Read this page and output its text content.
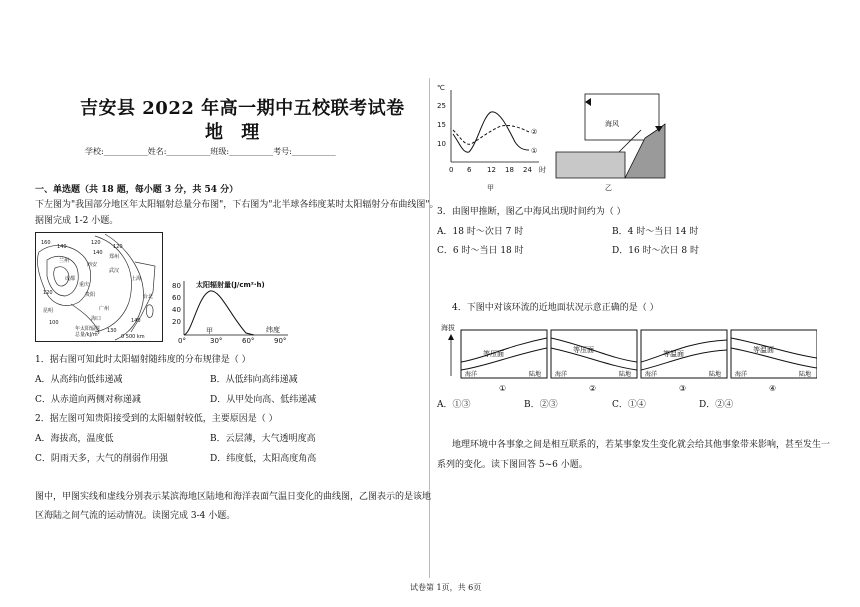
吉安县 2022 年高一期中五校联考试卷
地 理
学校:___________姓名:___________班级:___________考号:___________
一、单选题（共 18 题，每小题 3 分，共 54 分）
下左图为"我国部分地区年太阳辐射总量分布图"，下右图为"北半球各纬度某时太阳辐射分布曲线图"。
据图完成 1-2 小题。
160
140
120
120
郑州
140
兰州
西安
武汉
上海
成都
重庆
贵阳	台北
昆明	广州
海口
100
年太阳辐射
总量/kJ/m²
140
120
130
0 500 km
太阳辐射量(J/cm²·h)
80
60
40
20
0°	30°	60°	90°
甲	纬度
1．据右图可知此时太阳辐射随纬度的分布规律是（ ）
A．从高纬向低纬递减	B．从低纬向高纬递减
C．从赤道向两侧对称递减	D．从甲处向高、低纬递减
2．据左图可知贵阳接受到的太阳辐射较低，主要原因是（ ）
A．海拔高，温度低	B．云层薄，大气透明度高
C．阴雨天多，大气的削弱作用强	D．纬度低，太阳高度角高
图中，甲图实线和虚线分别表示某滨海地区陆地和海洋表面气温日变化的曲线图，乙图表示的是该地
区海陆之间气流的运动情况。读图完成 3-4 小题。
℃
25
15
10
0 6 12 18 24 时
①
②
甲
海风
乙
3．由图甲推断，图乙中海风出现时间约为（ ）
A．18 时～次日 7 时	B．4 时～当日 14 时
C．6 时～当日 18 时	D．16 时～次日 8 时
4．下图中对该环流的近地面状况示意正确的是（ ）
海拔
等压面
海洋	陆地
①
等压面
海洋	陆地
②
等温面
海洋	陆地
③
等温面
海洋	陆地
④
A．①③	B．②③	C．①④	D．②④
地理环境中各事象之间是相互联系的，若某事象发生变化就会给其他事象带来影响，甚至发生一
系列的变化。读下图回答 5~6 小题。
试卷第 1页，共 6页
